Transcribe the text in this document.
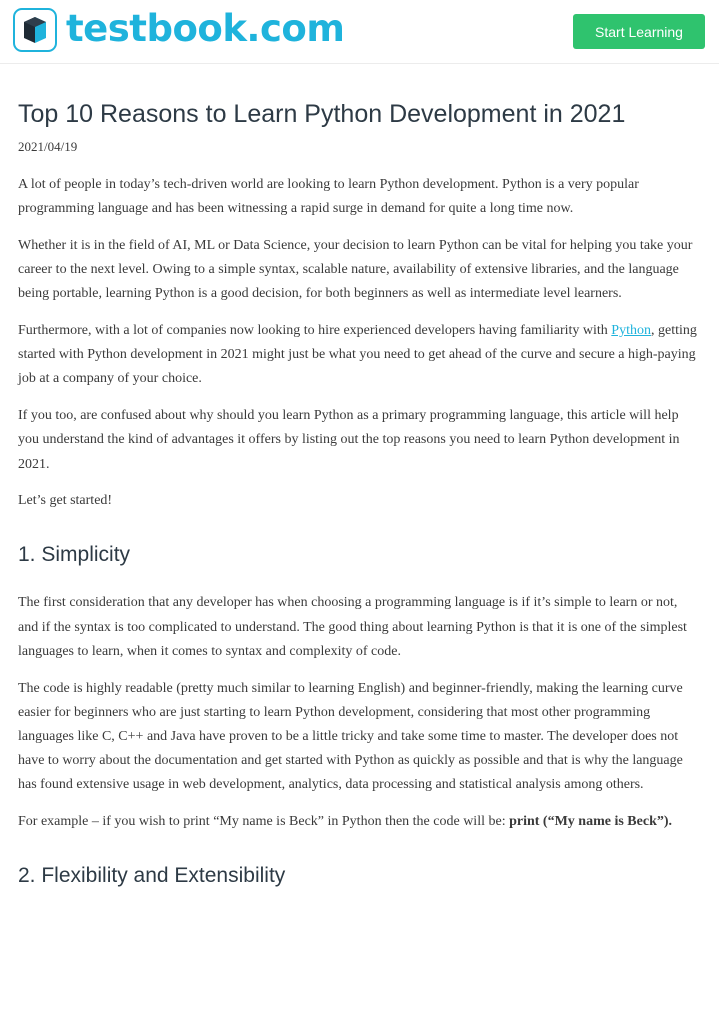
testbook.com	Start Learning
Top 10 Reasons to Learn Python Development in 2021
2021/04/19

A lot of people in today’s tech-driven world are looking to learn Python development. Python is a very popular programming language and has been witnessing a rapid surge in demand for quite a long time now.

Whether it is in the field of AI, ML or Data Science, your decision to learn Python can be vital for helping you take your career to the next level. Owing to a simple syntax, scalable nature, availability of extensive libraries, and the language being portable, learning Python is a good decision, for both beginners as well as intermediate level learners.

Furthermore, with a lot of companies now looking to hire experienced developers having familiarity with Python, getting started with Python development in 2021 might just be what you need to get ahead of the curve and secure a high-paying job at a company of your choice.

If you too, are confused about why should you learn Python as a primary programming language, this article will help you understand the kind of advantages it offers by listing out the top reasons you need to learn Python development in 2021.

Let’s get started!

1. Simplicity

The first consideration that any developer has when choosing a programming language is if it’s simple to learn or not, and if the syntax is too complicated to understand. The good thing about learning Python is that it is one of the simplest languages to learn, when it comes to syntax and complexity of code.

The code is highly readable (pretty much similar to learning English) and beginner-friendly, making the learning curve easier for beginners who are just starting to learn Python development, considering that most other programming languages like C, C++ and Java have proven to be a little tricky and take some time to master. The developer does not have to worry about the documentation and get started with Python as quickly as possible and that is why the language has found extensive usage in web development, analytics, data processing and statistical analysis among others.

For example – if you wish to print “My name is Beck” in Python then the code will be: print (“My name is Beck”).

2. Flexibility and Extensibility
